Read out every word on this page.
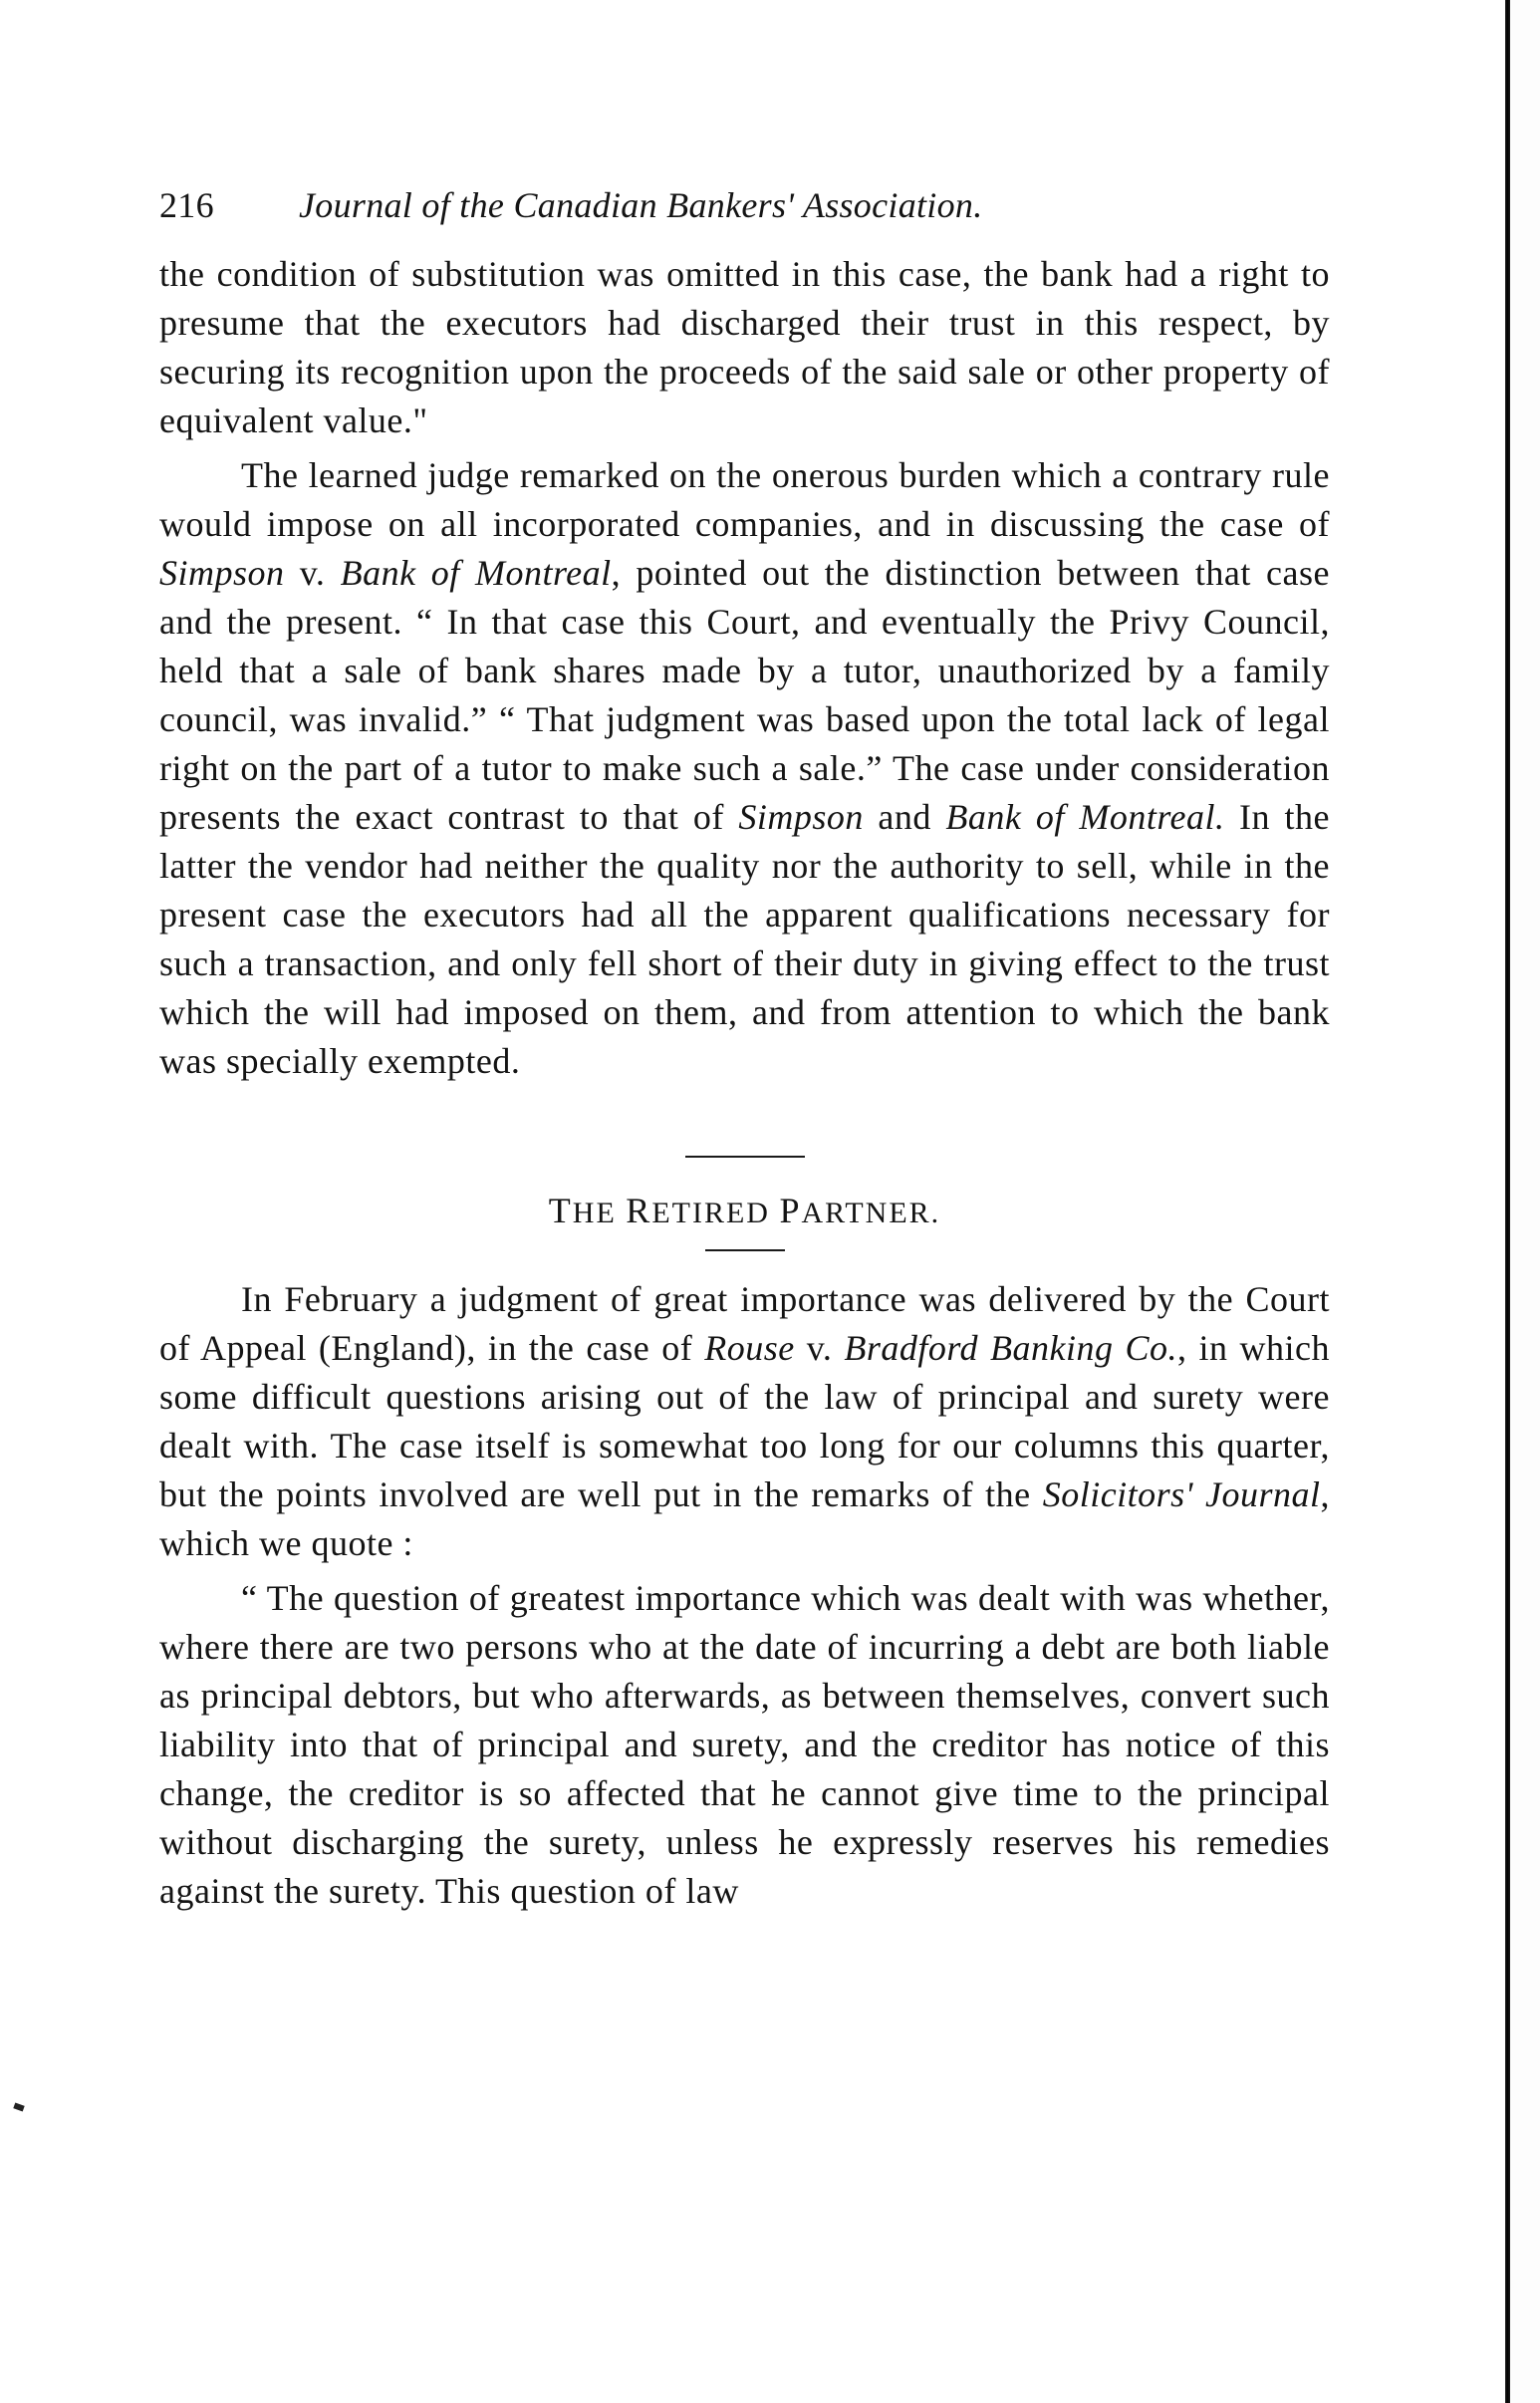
216	Journal of the Canadian Bankers' Association.

the condition of substitution was omitted in this case, the bank had a right to presume that the executors had discharged their trust in this respect, by securing its recognition upon the proceeds of the said sale or other property of equivalent value."

The learned judge remarked on the onerous burden which a contrary rule would impose on all incorporated companies, and in discussing the case of Simpson v. Bank of Montreal, pointed out the distinction between that case and the present. “ In that case this Court, and eventually the Privy Council, held that a sale of bank shares made by a tutor, unauthorized by a family council, was invalid.” “ That judgment was based upon the total lack of legal right on the part of a tutor to make such a sale.” The case under consideration presents the exact contrast to that of Simpson and Bank of Montreal. In the latter the vendor had neither the quality nor the authority to sell, while in the present case the executors had all the apparent qualifications necessary for such a transaction, and only fell short of their duty in giving effect to the trust which the will had imposed on them, and from attention to which the bank was specially exempted.

THE RETIRED PARTNER.

In February a judgment of great importance was delivered by the Court of Appeal (England), in the case of Rouse v. Bradford Banking Co., in which some difficult questions arising out of the law of principal and surety were dealt with. The case itself is somewhat too long for our columns this quarter, but the points involved are well put in the remarks of the Solicitors' Journal, which we quote :

“ The question of greatest importance which was dealt with was whether, where there are two persons who at the date of incurring a debt are both liable as principal debtors, but who afterwards, as between themselves, convert such liability into that of principal and surety, and the creditor has notice of this change, the creditor is so affected that he cannot give time to the principal without discharging the surety, unless he expressly reserves his remedies against the surety. This question of law
